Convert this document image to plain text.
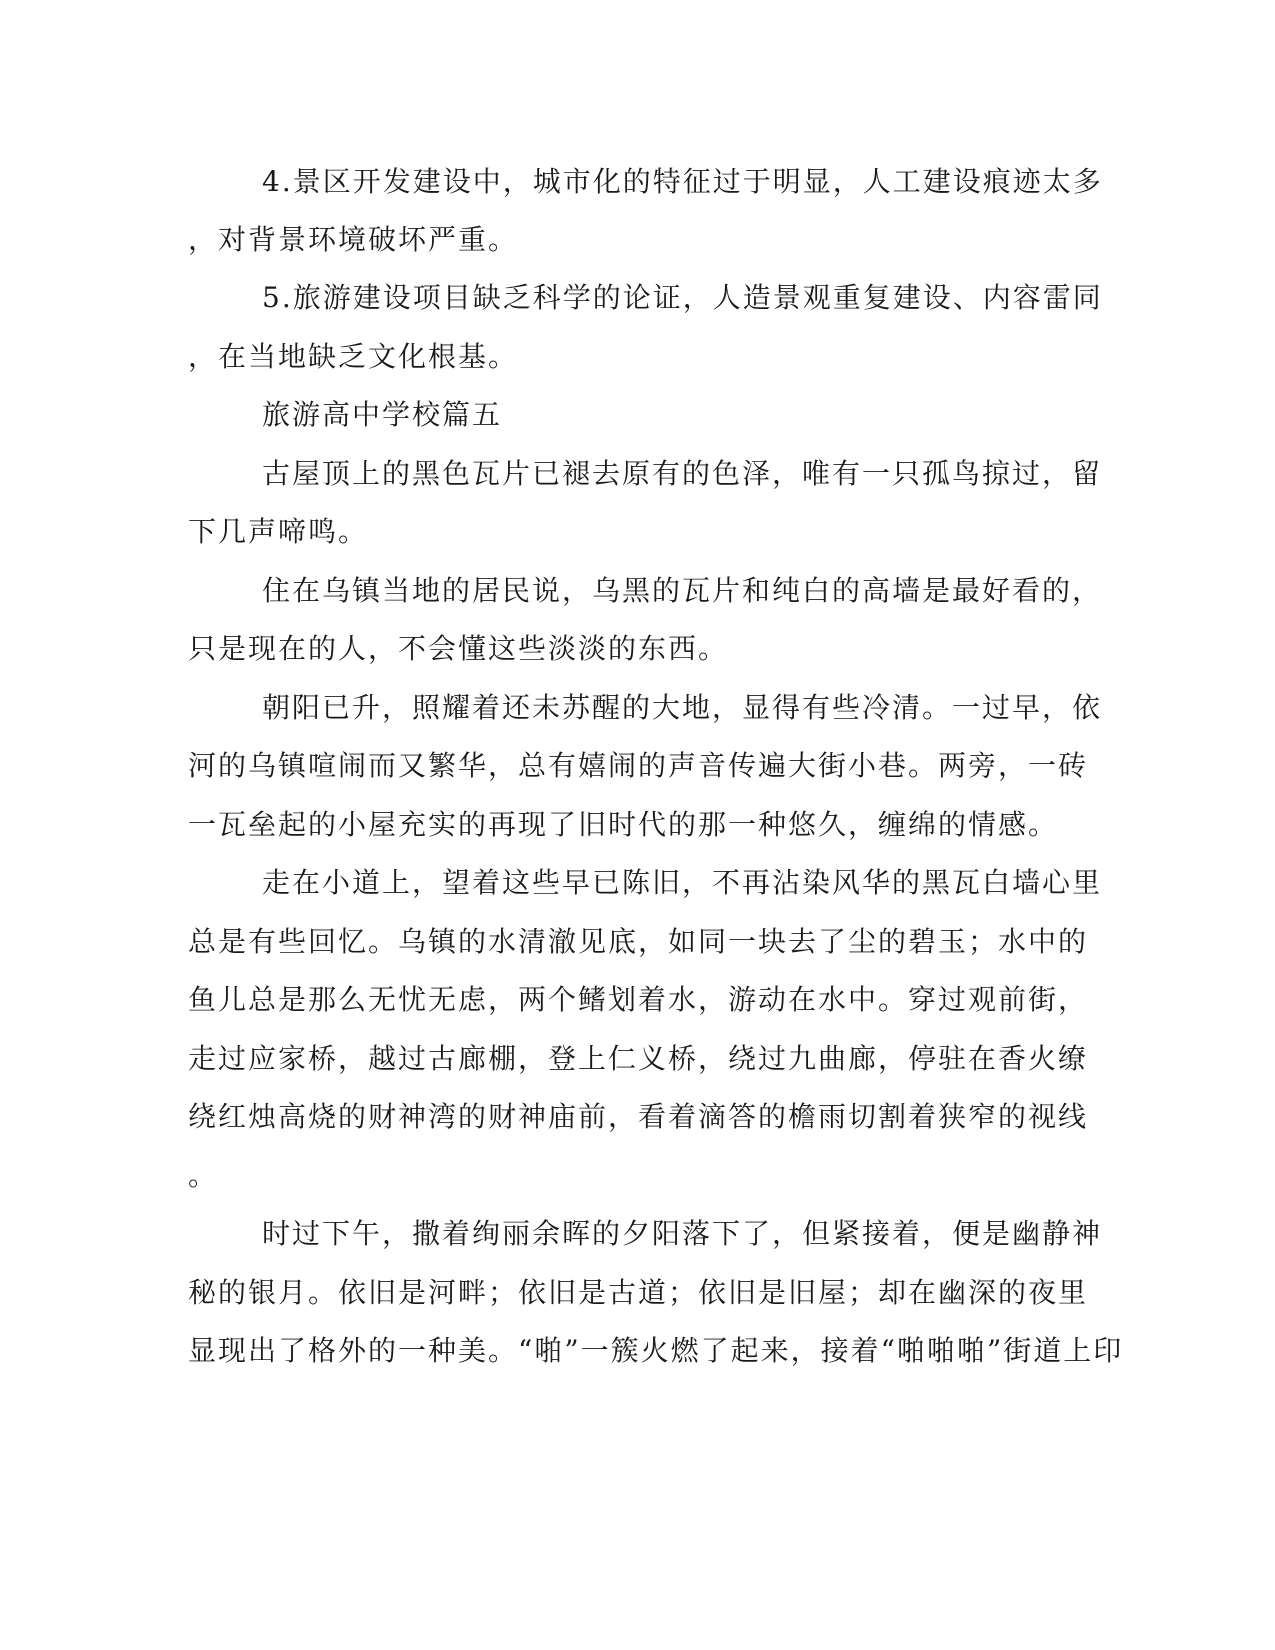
4.景区开发建设中，城市化的特征过于明显，人工建设痕迹太多
，对背景环境破坏严重。
5.旅游建设项目缺乏科学的论证，人造景观重复建设、内容雷同
，在当地缺乏文化根基。
旅游高中学校篇五
古屋顶上的黑色瓦片已褪去原有的色泽，唯有一只孤鸟掠过，留
下几声啼鸣。
住在乌镇当地的居民说，乌黑的瓦片和纯白的高墙是最好看的，
只是现在的人，不会懂这些淡淡的东西。
朝阳已升，照耀着还未苏醒的大地，显得有些冷清。一过早，依
河的乌镇喧闹而又繁华，总有嬉闹的声音传遍大街小巷。两旁，一砖
一瓦垒起的小屋充实的再现了旧时代的那一种悠久，缠绵的情感。
走在小道上，望着这些早已陈旧，不再沾染风华的黑瓦白墙心里
总是有些回忆。乌镇的水清澈见底，如同一块去了尘的碧玉；水中的
鱼儿总是那么无忧无虑，两个鳍划着水，游动在水中。穿过观前街，
走过应家桥，越过古廊棚，登上仁义桥，绕过九曲廊，停驻在香火缭
绕红烛高烧的财神湾的财神庙前，看着滴答的檐雨切割着狭窄的视线
。
时过下午，撒着绚丽余晖的夕阳落下了，但紧接着，便是幽静神
秘的银月。依旧是河畔；依旧是古道；依旧是旧屋；却在幽深的夜里
显现出了格外的一种美。“啪”一簇火燃了起来，接着“啪啪啪”街道上印
